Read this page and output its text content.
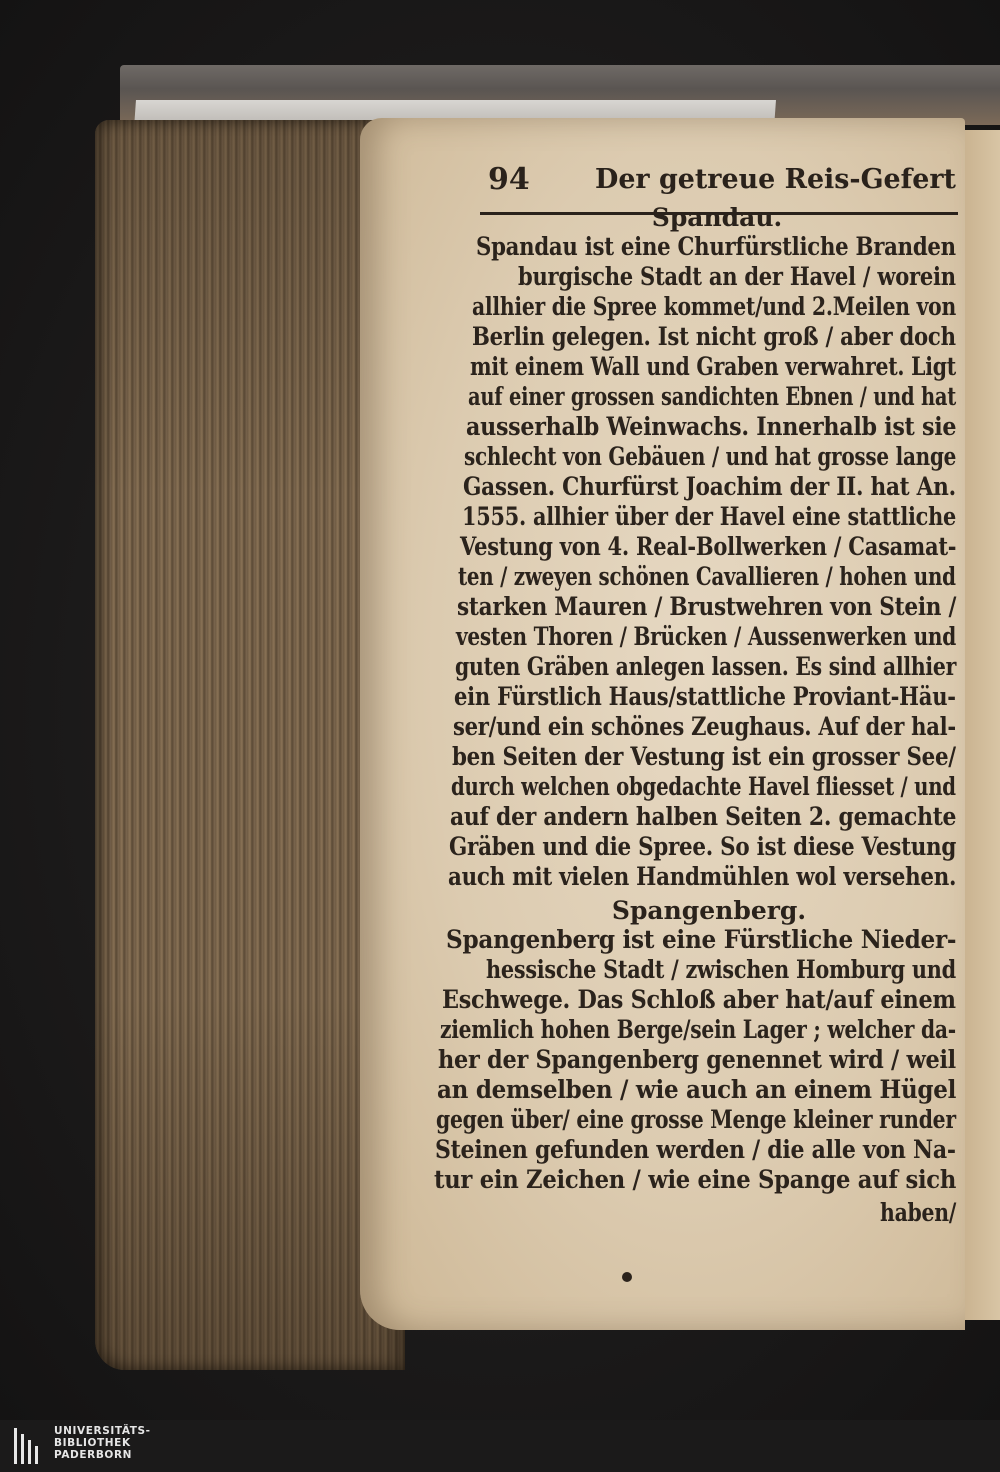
94 Der getreue Reis-Gefert
Spandau.
Spandau ist eine Churfürstliche Branden
burgische Stadt an der Havel / worein
allhier die Spree kommet/und 2.Meilen von
Berlin gelegen. Ist nicht groß / aber doch
mit einem Wall und Graben verwahret. Ligt
auf einer grossen sandichten Ebnen / und hat
ausserhalb Weinwachs. Innerhalb ist sie
schlecht von Gebäuen / und hat grosse lange
Gassen. Churfürst Joachim der II. hat An.
1555. allhier über der Havel eine stattliche
Vestung von 4. Real-Bollwerken / Casamat-
ten / zweyen schönen Cavallieren / hohen und
starken Mauren / Brustwehren von Stein /
vesten Thoren / Brücken / Aussenwerken und
guten Gräben anlegen lassen. Es sind allhier
ein Fürstlich Haus/stattliche Proviant-Häu-
ser/und ein schönes Zeughaus. Auf der hal-
ben Seiten der Vestung ist ein grosser See/
durch welchen obgedachte Havel fliesset / und
auf der andern halben Seiten 2. gemachte
Gräben und die Spree. So ist diese Vestung
auch mit vielen Handmühlen wol versehen.
Spangenberg.
Spangenberg ist eine Fürstliche Nieder-
hessische Stadt / zwischen Homburg und
Eschwege. Das Schloß aber hat/auf einem
ziemlich hohen Berge/sein Lager ; welcher da-
her der Spangenberg genennet wird / weil
an demselben / wie auch an einem Hügel
gegen über/ eine grosse Menge kleiner runder
Steinen gefunden werden / die alle von Na-
tur ein Zeichen / wie eine Spange auf sich
haben/
UNIVERSITÄTS-
BIBLIOTHEK
PADERBORN
